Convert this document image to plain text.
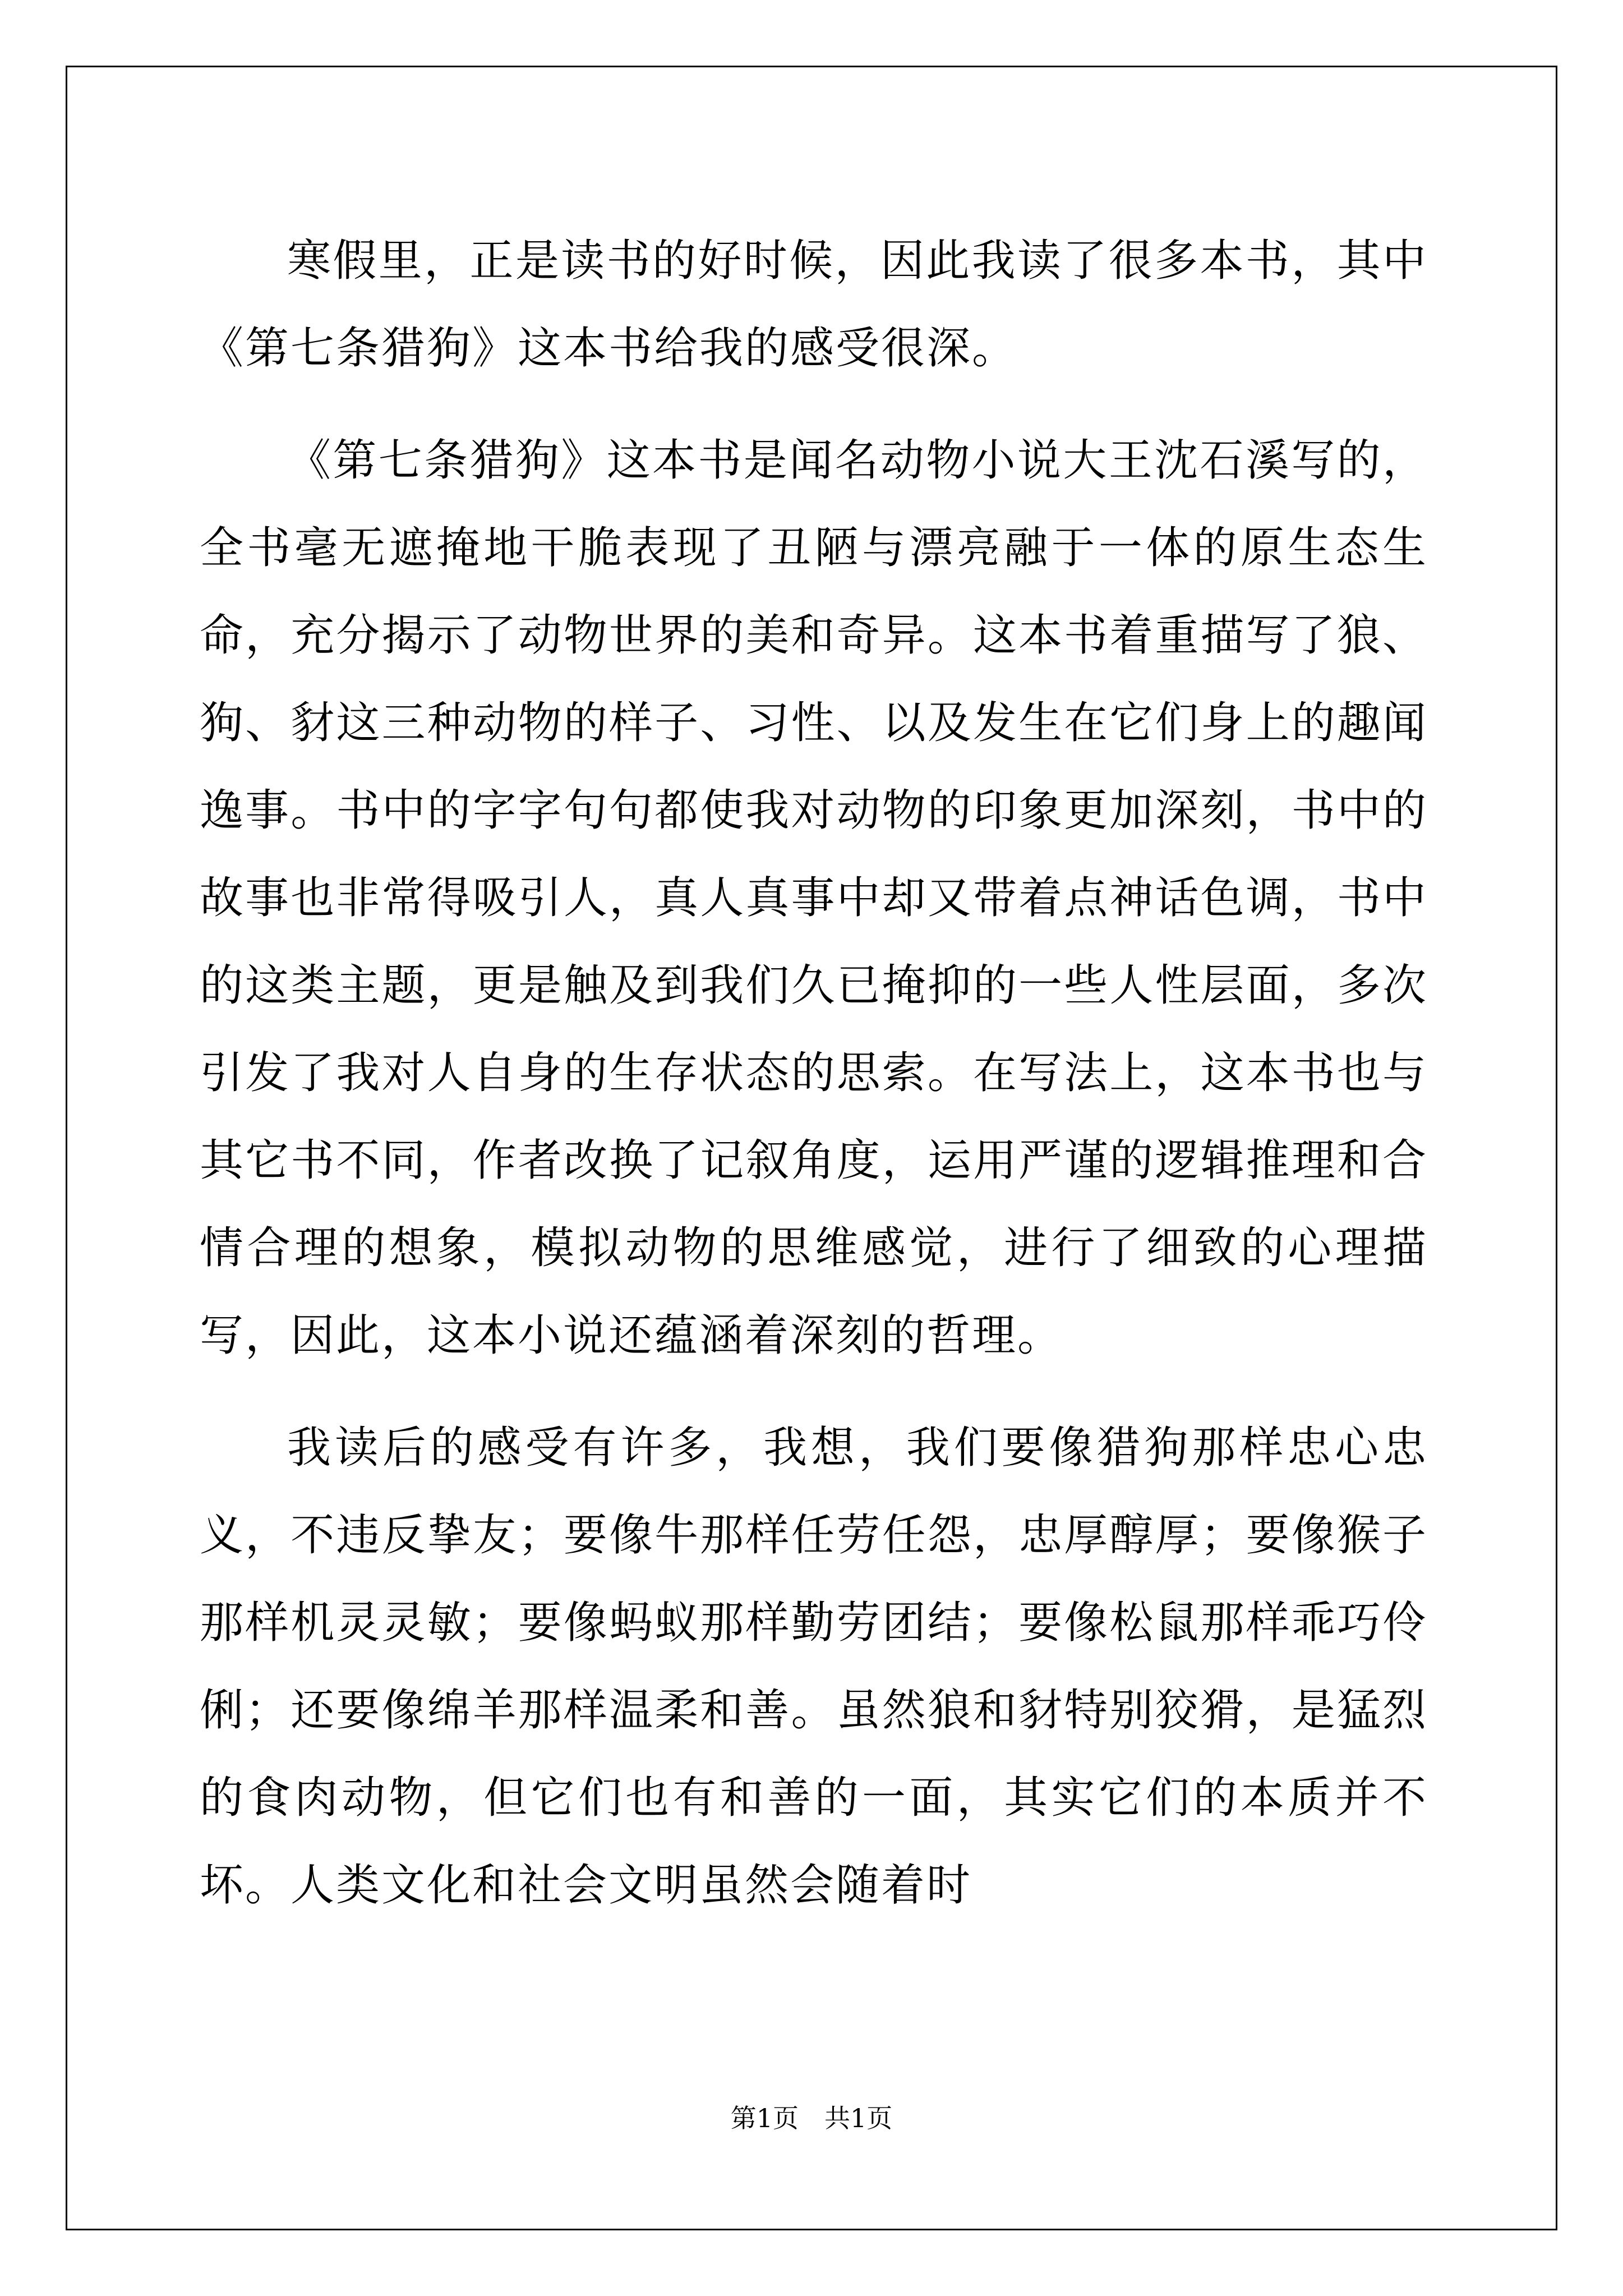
寒假里，正是读书的好时候，因此我读了很多本书，其中《第七条猎狗》这本书给我的感受很深。

《第七条猎狗》这本书是闻名动物小说大王沈石溪写的，全书毫无遮掩地干脆表现了丑陋与漂亮融于一体的原生态生命，充分揭示了动物世界的美和奇异。这本书着重描写了狼、狗、豺这三种动物的样子、习性、以及发生在它们身上的趣闻逸事。书中的字字句句都使我对动物的印象更加深刻，书中的故事也非常得吸引人，真人真事中却又带着点神话色调，书中的这类主题，更是触及到我们久已掩抑的一些人性层面，多次引发了我对人自身的生存状态的思索。在写法上，这本书也与其它书不同，作者改换了记叙角度，运用严谨的逻辑推理和合情合理的想象，模拟动物的思维感觉，进行了细致的心理描写，因此，这本小说还蕴涵着深刻的哲理。

我读后的感受有许多，我想，我们要像猎狗那样忠心忠义，不违反挚友；要像牛那样任劳任怨，忠厚醇厚；要像猴子那样机灵灵敏；要像蚂蚁那样勤劳团结；要像松鼠那样乖巧伶俐；还要像绵羊那样温柔和善。虽然狼和豺特别狡猾，是猛烈的食肉动物，但它们也有和善的一面，其实它们的本质并不坏。人类文化和社会文明虽然会随着时

第1页 共1页
